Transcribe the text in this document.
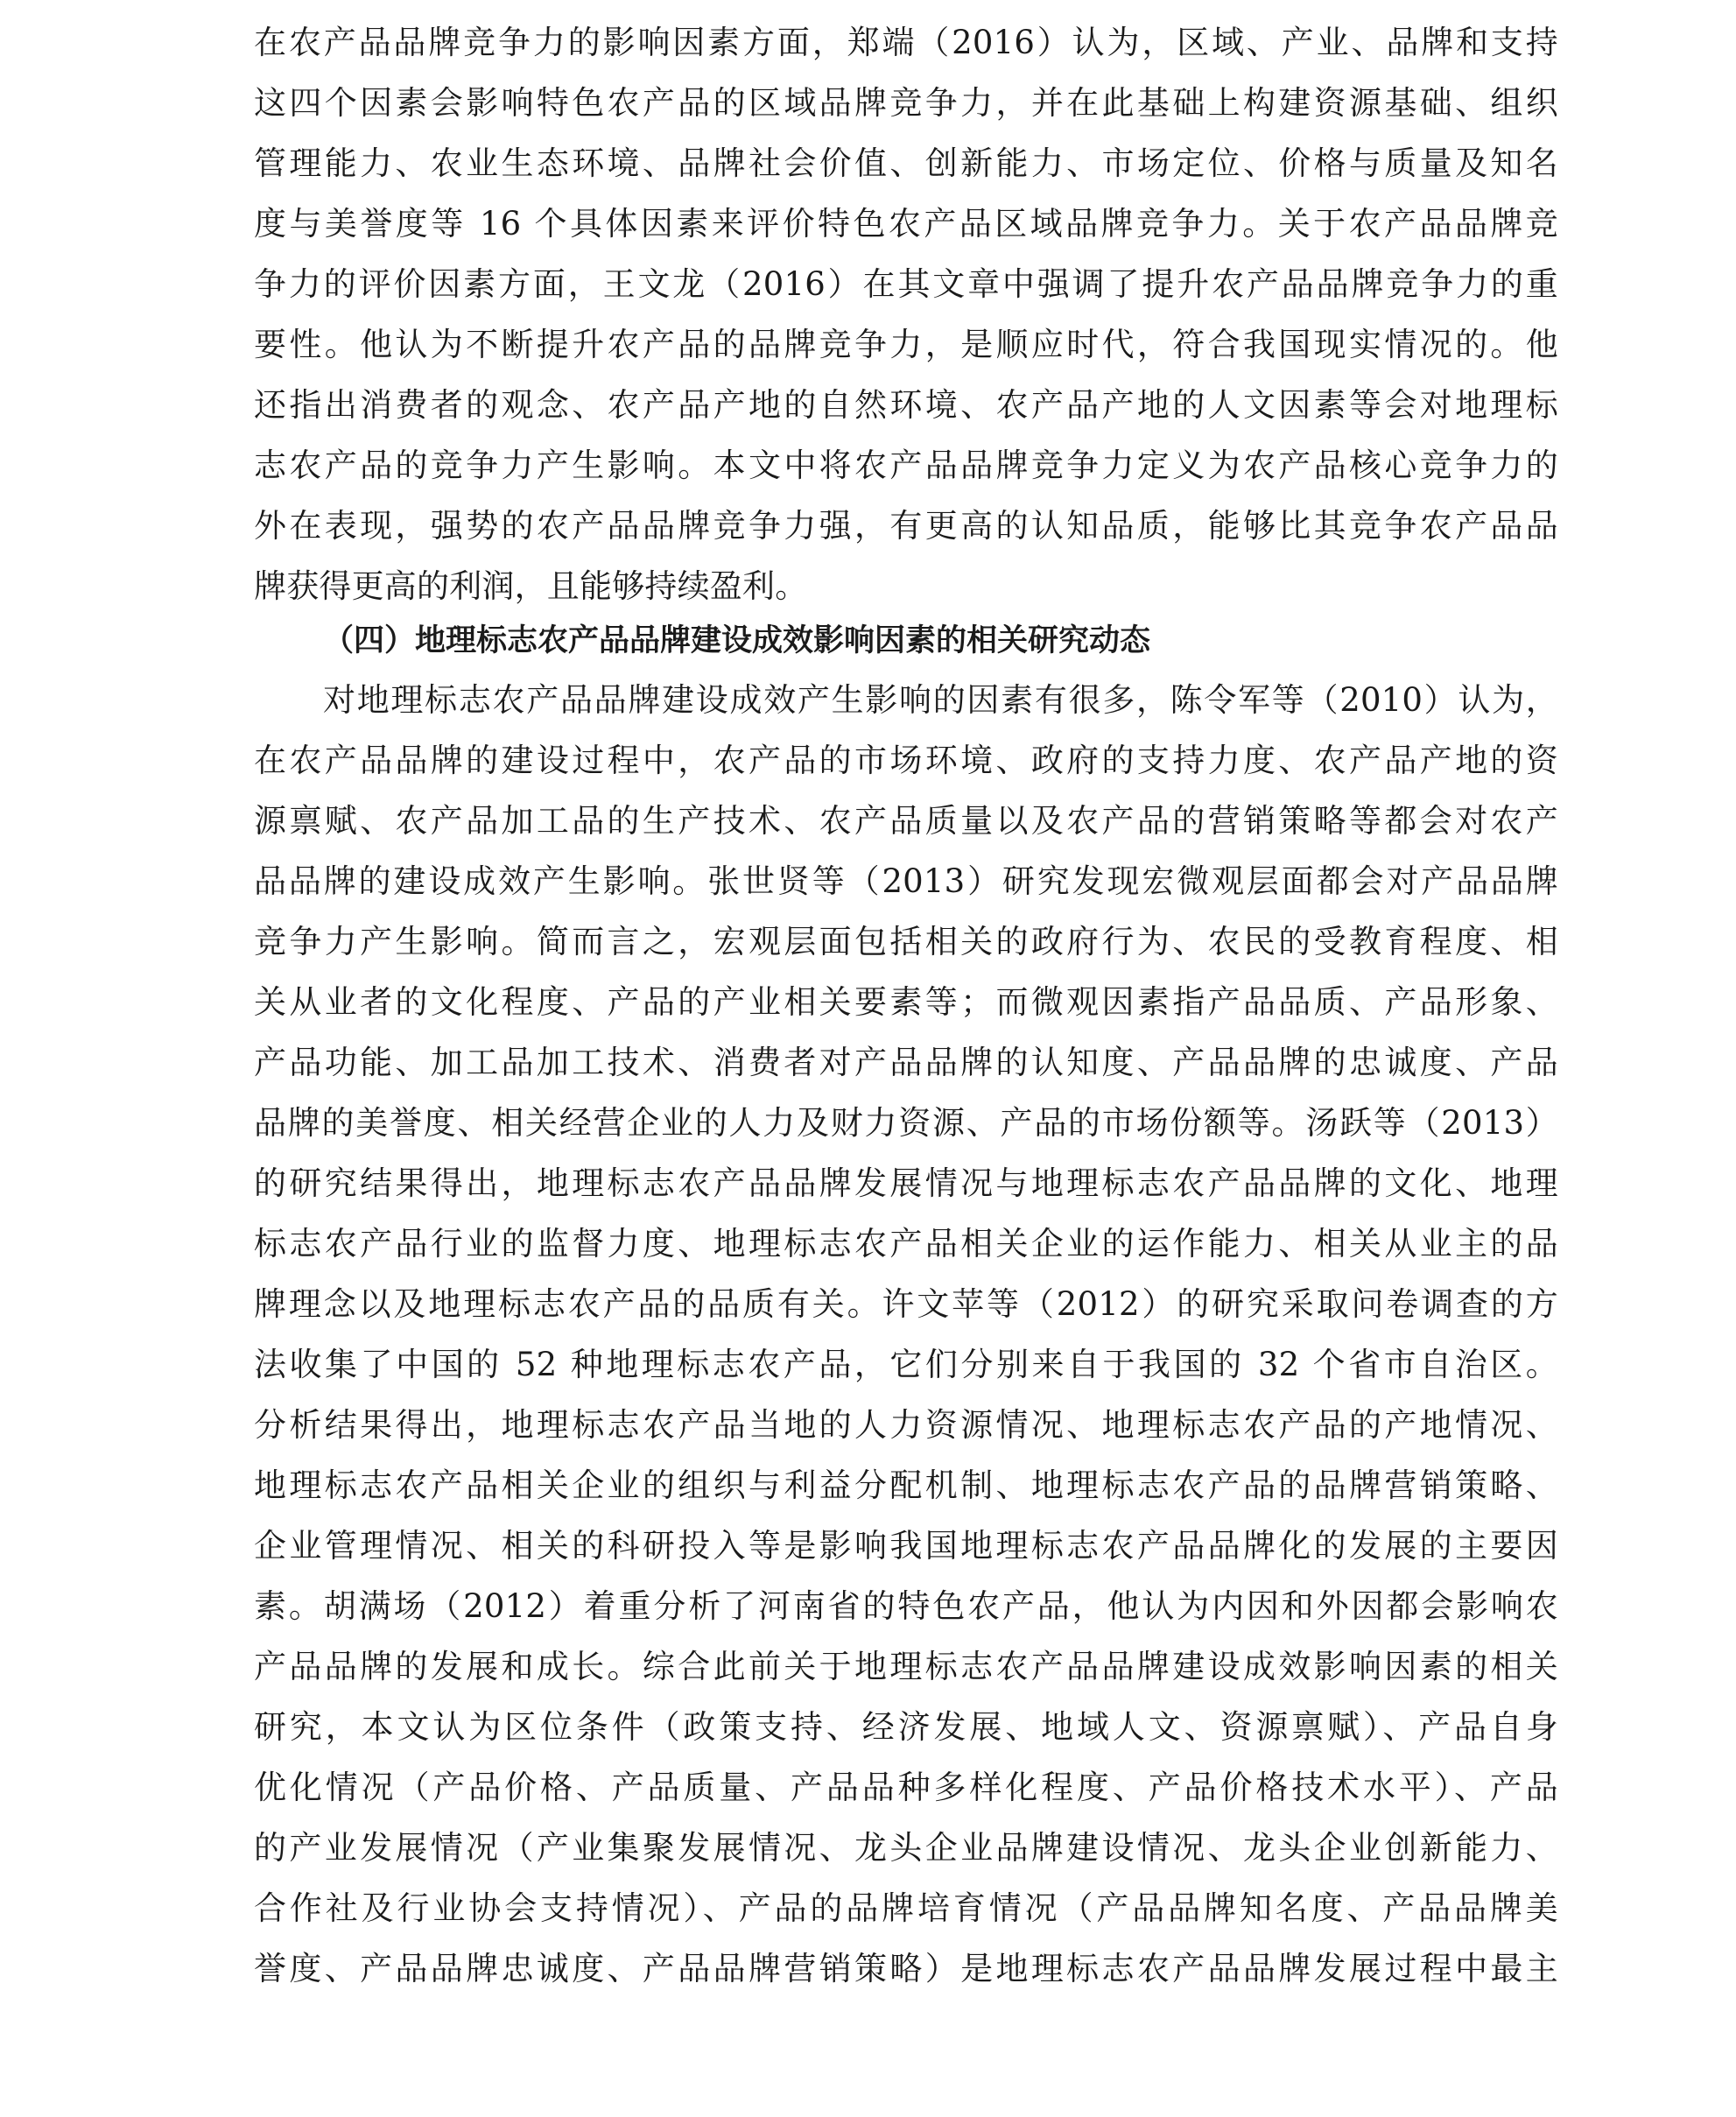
在农产品品牌竞争力的影响因素方面，郑端（2016）认为，区域、产业、品牌和支持
这四个因素会影响特色农产品的区域品牌竞争力，并在此基础上构建资源基础、组织
管理能力、农业生态环境、品牌社会价值、创新能力、市场定位、价格与质量及知名
度与美誉度等 16 个具体因素来评价特色农产品区域品牌竞争力。关于农产品品牌竞
争力的评价因素方面，王文龙（2016）在其文章中强调了提升农产品品牌竞争力的重
要性。他认为不断提升农产品的品牌竞争力，是顺应时代，符合我国现实情况的。他
还指出消费者的观念、农产品产地的自然环境、农产品产地的人文因素等会对地理标
志农产品的竞争力产生影响。本文中将农产品品牌竞争力定义为农产品核心竞争力的
外在表现，强势的农产品品牌竞争力强，有更高的认知品质，能够比其竞争农产品品
牌获得更高的利润，且能够持续盈利。
（四）地理标志农产品品牌建设成效影响因素的相关研究动态
对地理标志农产品品牌建设成效产生影响的因素有很多，陈令军等（2010）认为，
在农产品品牌的建设过程中，农产品的市场环境、政府的支持力度、农产品产地的资
源禀赋、农产品加工品的生产技术、农产品质量以及农产品的营销策略等都会对农产
品品牌的建设成效产生影响。张世贤等（2013）研究发现宏微观层面都会对产品品牌
竞争力产生影响。简而言之，宏观层面包括相关的政府行为、农民的受教育程度、相
关从业者的文化程度、产品的产业相关要素等；而微观因素指产品品质、产品形象、
产品功能、加工品加工技术、消费者对产品品牌的认知度、产品品牌的忠诚度、产品
品牌的美誉度、相关经营企业的人力及财力资源、产品的市场份额等。汤跃等（2013）
的研究结果得出，地理标志农产品品牌发展情况与地理标志农产品品牌的文化、地理
标志农产品行业的监督力度、地理标志农产品相关企业的运作能力、相关从业主的品
牌理念以及地理标志农产品的品质有关。许文苹等（2012）的研究采取问卷调查的方
法收集了中国的 52 种地理标志农产品，它们分别来自于我国的 32 个省市自治区。
分析结果得出，地理标志农产品当地的人力资源情况、地理标志农产品的产地情况、
地理标志农产品相关企业的组织与利益分配机制、地理标志农产品的品牌营销策略、
企业管理情况、相关的科研投入等是影响我国地理标志农产品品牌化的发展的主要因
素。胡满场（2012）着重分析了河南省的特色农产品，他认为内因和外因都会影响农
产品品牌的发展和成长。综合此前关于地理标志农产品品牌建设成效影响因素的相关
研究，本文认为区位条件（政策支持、经济发展、地域人文、资源禀赋）、产品自身
优化情况（产品价格、产品质量、产品品种多样化程度、产品价格技术水平）、产品
的产业发展情况（产业集聚发展情况、龙头企业品牌建设情况、龙头企业创新能力、
合作社及行业协会支持情况）、产品的品牌培育情况（产品品牌知名度、产品品牌美
誉度、产品品牌忠诚度、产品品牌营销策略）是地理标志农产品品牌发展过程中最主
